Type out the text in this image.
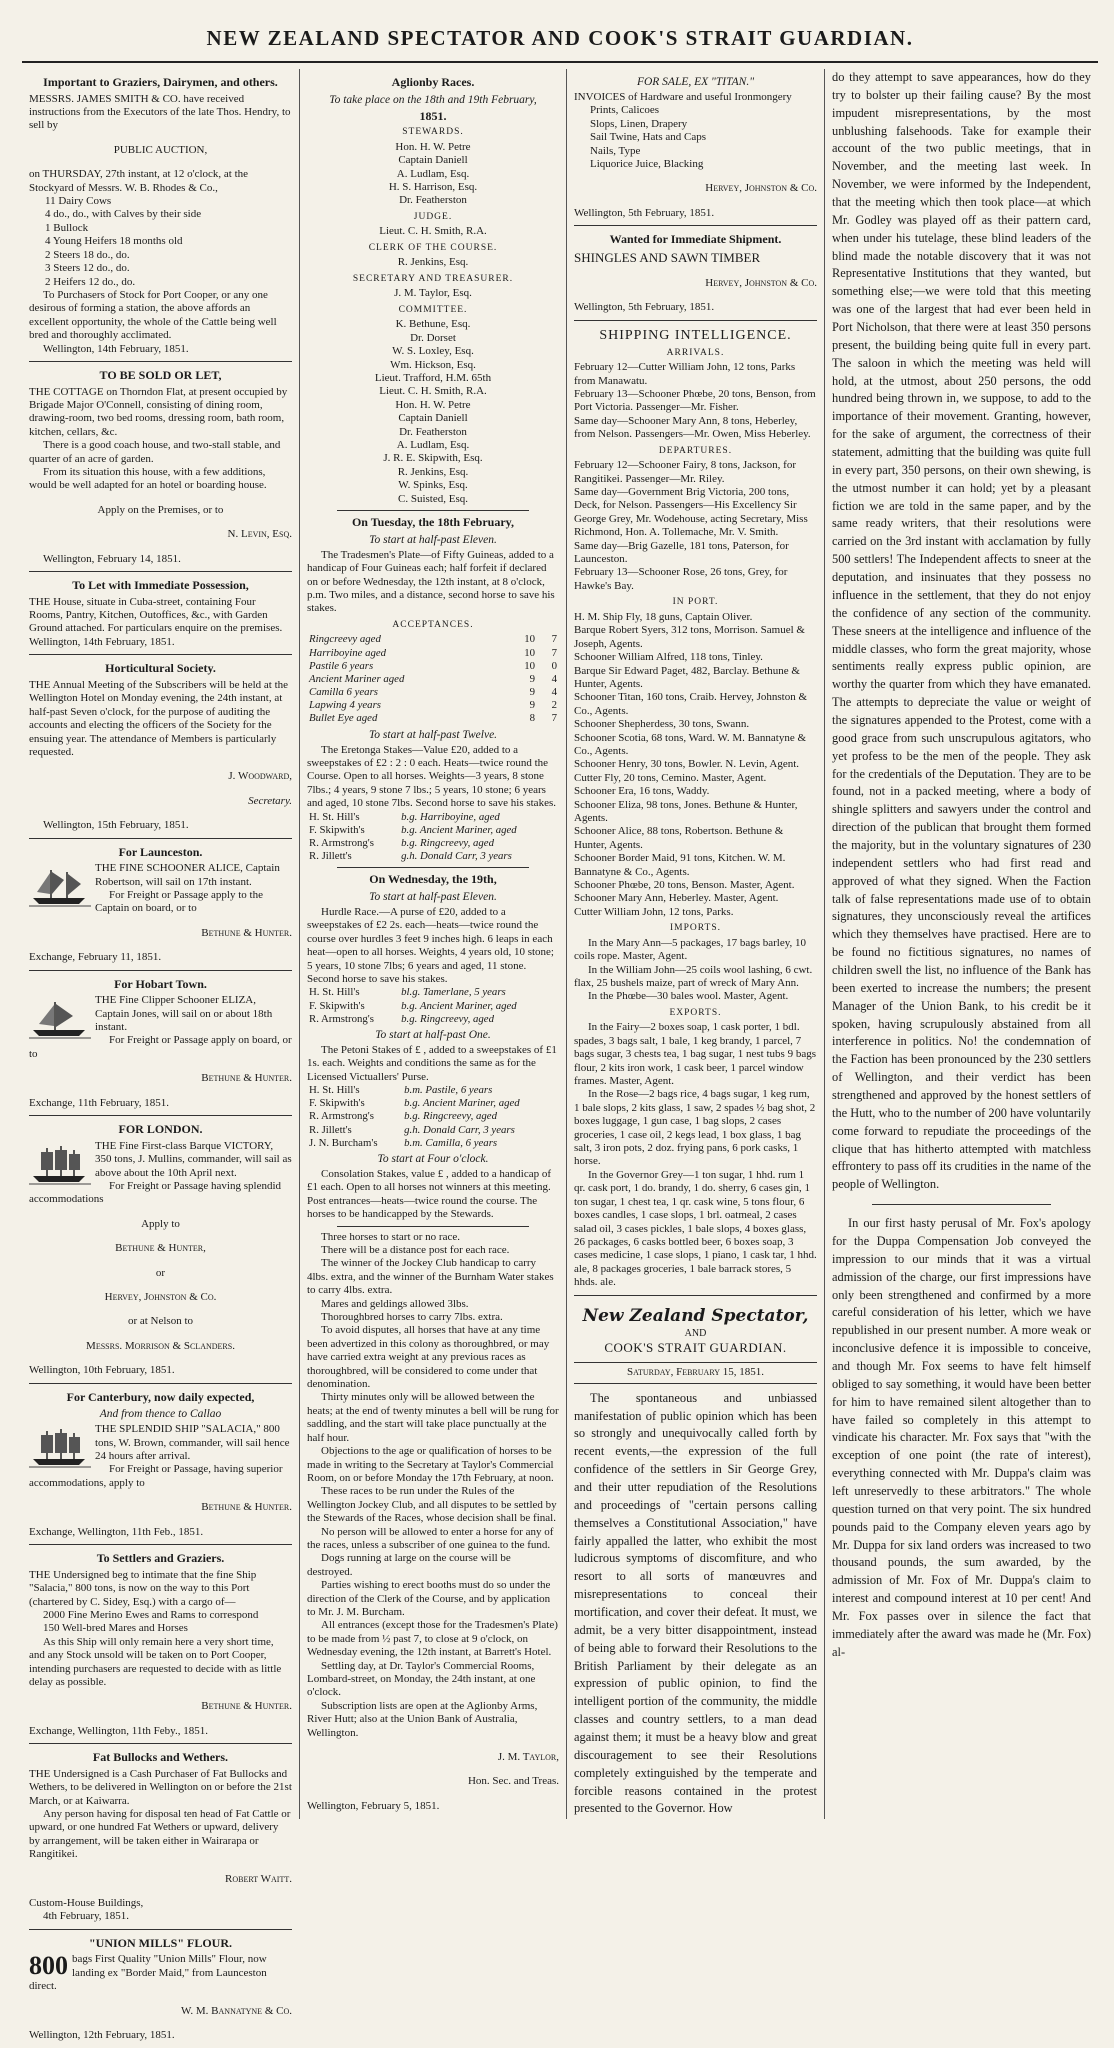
NEW ZEALAND SPECTATOR AND COOK'S STRAIT GUARDIAN.
Important to Graziers, Dairymen, and others.

MESSRS. JAMES SMITH & CO. have received instructions from the Executors of the late Thos. Hendry, to sell by

PUBLIC AUCTION,

on THURSDAY, 27th instant, at 12 o'clock, at the Stockyard of Messrs. W. B. Rhodes & Co.,

11 Dairy Cows
4 do., do., with Calves by their side
1 Bullock
4 Young Heifers 18 months old
2 Steers 18 do., do.
3 Steers 12 do., do.
2 Heifers 12 do., do.

To Purchasers of Stock for Port Cooper, or any one desirous of forming a station, the above affords an excellent opportunity, the whole of the Cattle being well bred and thoroughly acclimated.

Wellington, 14th February, 1851.

TO BE SOLD OR LET,

THE COTTAGE on Thorndon Flat, at present occupied by Brigade Major O'Connell, consisting of dining room, drawing-room, two bed rooms, dressing room, bath room, kitchen, cellars, &c.

There is a good coach house, and two-stall stable, and quarter of an acre of garden.

From its situation this house, with a few additions, would be well adapted for an hotel or boarding house.

Apply on the Premises, or to

N. Levin, Esq.

Wellington, February 14, 1851.

To Let with Immediate Possession,

THE House, situate in Cuba-street, containing Four Rooms, Pantry, Kitchen, Outoffices, &c., with Garden Ground attached. For particulars enquire on the premises.

Wellington, 14th February, 1851.

Horticultural Society.

THE Annual Meeting of the Subscribers will be held at the Wellington Hotel on Monday evening, the 24th instant, at half-past Seven o'clock, for the purpose of auditing the accounts and electing the officers of the Society for the ensuing year. The attendance of Members is particularly requested.

J. Woodward,

Secretary.

Wellington, 15th February, 1851.

For Launceston.

THE FINE SCHOONER ALICE, Captain Robertson, will sail on 17th instant.

For Freight or Passage apply to the Captain on board, or to

Bethune & Hunter.

Exchange, February 11, 1851.

For Hobart Town.

THE Fine Clipper Schooner ELIZA, Captain Jones, will sail on or about 18th instant.

For Freight or Passage apply on board, or to

Bethune & Hunter.

Exchange, 11th February, 1851.

FOR LONDON.

THE Fine First-class Barque VICTORY, 350 tons, J. Mullins, commander, will sail as above about the 10th April next.

For Freight or Passage having splendid accommodations

Apply to

Bethune & Hunter,

or

Hervey, Johnston & Co.

or at Nelson to

Messrs. Morrison & Sclanders.

Wellington, 10th February, 1851.

For Canterbury, now daily expected,
And from thence to Callao

THE SPLENDID SHIP "SALACIA," 800 tons, W. Brown, commander, will sail hence 24 hours after arrival.

For Freight or Passage, having superior accommodations, apply to

Bethune & Hunter.

Exchange, Wellington, 11th Feb., 1851.

To Settlers and Graziers.

THE Undersigned beg to intimate that the fine Ship "Salacia," 800 tons, is now on the way to this Port (chartered by C. Sidey, Esq.) with a cargo of—

2000 Fine Merino Ewes and Rams to correspond

150 Well-bred Mares and Horses

As this Ship will only remain here a very short time, and any Stock unsold will be taken on to Port Cooper, intending purchasers are requested to decide with as little delay as possible.

Bethune & Hunter.

Exchange, Wellington, 11th Feby., 1851.

Fat Bullocks and Wethers.

THE Undersigned is a Cash Purchaser of Fat Bullocks and Wethers, to be delivered in Wellington on or before the 21st March, or at Kaiwarra.

Any person having for disposal ten head of Fat Cattle or upward, or one hundred Fat Wethers or upward, delivery by arrangement, will be taken either in Wairarapa or Rangitikei.

Robert Waitt.

Custom-House Buildings,

4th February, 1851.

"UNION MILLS" FLOUR.
800 bags First Quality "Union Mills" Flour, now landing ex "Border Maid," from Launceston direct.

W. M. Bannatyne & Co.

Wellington, 12th February, 1851.

Aglionby Races.
To take place on the 18th and 19th February,
1851.
STEWARDS.
Hon. H. W. Petre
Captain Daniell
A. Ludlam, Esq.
H. S. Harrison, Esq.
Dr. Featherston
JUDGE.
Lieut. C. H. Smith, R.A.
CLERK OF THE COURSE.
R. Jenkins, Esq.
SECRETARY AND TREASURER.
J. M. Taylor, Esq.
COMMITTEE.
K. Bethune, Esq.
Dr. Dorset
W. S. Loxley, Esq.
Wm. Hickson, Esq.
Lieut. Trafford, H.M. 65th
Lieut. C. H. Smith, R.A.
Hon. H. W. Petre
Captain Daniell
Dr. Featherston
A. Ludlam, Esq.
J. R. E. Skipwith, Esq.
R. Jenkins, Esq.
W. Spinks, Esq.
C. Suisted, Esq.
On Tuesday, the 18th February,
To start at half-past Eleven.

The Tradesmen's Plate—of Fifty Guineas, added to a handicap of Four Guineas each; half forfeit if declared on or before Wednesday, the 12th instant, at 8 o'clock, p.m. Two miles, and a distance, second horse to save his stakes.

ACCEPTANCES.
Ringcreevy aged	10	7
Harriboyine aged	10	7
Pastile 6 years	10	0
Ancient Mariner aged	9	4
Camilla 6 years	9	4
Lapwing 4 years	9	2
Bullet Eye aged	8	7
To start at half-past Twelve.

The Eretonga Stakes—Value £20, added to a sweepstakes of £2 : 2 : 0 each. Heats—twice round the Course. Open to all horses. Weights—3 years, 8 stone 7lbs.; 4 years, 9 stone 7 lbs.; 5 years, 10 stone; 6 years and aged, 10 stone 7lbs. Second horse to save his stakes.

H. St. Hill's	b.g. Harriboyine, aged
F. Skipwith's	b.g. Ancient Mariner, aged
R. Armstrong's	b.g. Ringcreevy, aged
R. Jillett's	g.h. Donald Carr, 3 years
On Wednesday, the 19th,
To start at half-past Eleven.

Hurdle Race.—A purse of £20, added to a sweepstakes of £2 2s. each—heats—twice round the course over hurdles 3 feet 9 inches high. 6 leaps in each heat—open to all horses. Weights, 4 years old, 10 stone; 5 years, 10 stone 7lbs; 6 years and aged, 11 stone. Second horse to save his stakes.

H. St. Hill's	bl.g. Tamerlane, 5 years
F. Skipwith's	b.g. Ancient Mariner, aged
R. Armstrong's	b.g. Ringcreevy, aged
To start at half-past One.

The Petoni Stakes of £ , added to a sweepstakes of £1 1s. each. Weights and conditions the same as for the Licensed Victuallers' Purse.

H. St. Hill's	b.m. Pastile, 6 years
F. Skipwith's	b.g. Ancient Mariner, aged
R. Armstrong's	b.g. Ringcreevy, aged
R. Jillett's	g.h. Donald Carr, 3 years
J. N. Burcham's	b.m. Camilla, 6 years
To start at Four o'clock.

Consolation Stakes, value £ , added to a handicap of £1 each. Open to all horses not winners at this meeting. Post entrances—heats—twice round the course. The horses to be handicapped by the Stewards.

Three horses to start or no race.

There will be a distance post for each race.

The winner of the Jockey Club handicap to carry 4lbs. extra, and the winner of the Burnham Water stakes to carry 4lbs. extra.

Mares and geldings allowed 3lbs.

Thoroughbred horses to carry 7lbs. extra.

To avoid disputes, all horses that have at any time been advertized in this colony as thoroughbred, or may have carried extra weight at any previous races as thoroughbred, will be considered to come under that denomination.

Thirty minutes only will be allowed between the heats; at the end of twenty minutes a bell will be rung for saddling, and the start will take place punctually at the half hour.

Objections to the age or qualification of horses to be made in writing to the Secretary at Taylor's Commercial Room, on or before Monday the 17th February, at noon.

These races to be run under the Rules of the Wellington Jockey Club, and all disputes to be settled by the Stewards of the Races, whose decision shall be final.

No person will be allowed to enter a horse for any of the races, unless a subscriber of one guinea to the fund.

Dogs running at large on the course will be destroyed.

Parties wishing to erect booths must do so under the direction of the Clerk of the Course, and by application to Mr. J. M. Burcham.

All entrances (except those for the Tradesmen's Plate) to be made from ½ past 7, to close at 9 o'clock, on Wednesday evening, the 12th instant, at Barrett's Hotel.

Settling day, at Dr. Taylor's Commercial Rooms, Lombard-street, on Monday, the 24th instant, at one o'clock.

Subscription lists are open at the Aglionby Arms, River Hutt; also at the Union Bank of Australia, Wellington.

J. M. Taylor,

Hon. Sec. and Treas.

Wellington, February 5, 1851.

FOR SALE, EX "TITAN."

INVOICES of Hardware and useful Ironmongery

Prints, Calicoes
Slops, Linen, Drapery
Sail Twine, Hats and Caps
Nails, Type
Liquorice Juice, Blacking

Hervey, Johnston & Co.

Wellington, 5th February, 1851.

Wanted for Immediate Shipment.

SHINGLES AND SAWN TIMBER

Hervey, Johnston & Co.

Wellington, 5th February, 1851.

SHIPPING INTELLIGENCE.
ARRIVALS.

February 12—Cutter William John, 12 tons, Parks from Manawatu.

February 13—Schooner Phœbe, 20 tons, Benson, from Port Victoria. Passenger—Mr. Fisher.

Same day—Schooner Mary Ann, 8 tons, Heberley, from Nelson. Passengers—Mr. Owen, Miss Heberley.

DEPARTURES.

February 12—Schooner Fairy, 8 tons, Jackson, for Rangitikei. Passenger—Mr. Riley.

Same day—Government Brig Victoria, 200 tons, Deck, for Nelson. Passengers—His Excellency Sir George Grey, Mr. Wodehouse, acting Secretary, Miss Richmond, Hon. A. Tollemache, Mr. V. Smith.

Same day—Brig Gazelle, 181 tons, Paterson, for Launceston.

February 13—Schooner Rose, 26 tons, Grey, for Hawke's Bay.

IN PORT.

H. M. Ship Fly, 18 guns, Captain Oliver.

Barque Robert Syers, 312 tons, Morrison. Samuel & Joseph, Agents.

Schooner William Alfred, 118 tons, Tinley.

Barque Sir Edward Paget, 482, Barclay. Bethune & Hunter, Agents.

Schooner Titan, 160 tons, Craib. Hervey, Johnston & Co., Agents.

Schooner Shepherdess, 30 tons, Swann.

Schooner Scotia, 68 tons, Ward. W. M. Bannatyne & Co., Agents.

Schooner Henry, 30 tons, Bowler. N. Levin, Agent.

Cutter Fly, 20 tons, Cemino. Master, Agent.

Schooner Era, 16 tons, Waddy.

Schooner Eliza, 98 tons, Jones. Bethune & Hunter, Agents.

Schooner Alice, 88 tons, Robertson. Bethune & Hunter, Agents.

Schooner Border Maid, 91 tons, Kitchen. W. M. Bannatyne & Co., Agents.

Schooner Phœbe, 20 tons, Benson. Master, Agent.

Schooner Mary Ann, Heberley. Master, Agent.

Cutter William John, 12 tons, Parks.

IMPORTS.

In the Mary Ann—5 packages, 17 bags barley, 10 coils rope. Master, Agent.

In the William John—25 coils wool lashing, 6 cwt. flax, 25 bushels maize, part of wreck of Mary Ann.

In the Phœbe—30 bales wool. Master, Agent.

EXPORTS.

In the Fairy—2 boxes soap, 1 cask porter, 1 bdl. spades, 3 bags salt, 1 bale, 1 keg brandy, 1 parcel, 7 bags sugar, 3 chests tea, 1 bag sugar, 1 nest tubs 9 bags flour, 2 kits iron work, 1 cask beer, 1 parcel window frames. Master, Agent.

In the Rose—2 bags rice, 4 bags sugar, 1 keg rum, 1 bale slops, 2 kits glass, 1 saw, 2 spades ½ bag shot, 2 boxes luggage, 1 gun case, 1 bag slops, 2 cases groceries, 1 case oil, 2 kegs lead, 1 box glass, 1 bag salt, 3 iron pots, 2 doz. frying pans, 6 pork casks, 1 horse.

In the Governor Grey—1 ton sugar, 1 hhd. rum 1 qr. cask port, 1 do. brandy, 1 do. sherry, 6 cases gin, 1 ton sugar, 1 chest tea, 1 qr. cask wine, 5 tons flour, 6 boxes candles, 1 case slops, 1 brl. oatmeal, 2 cases salad oil, 3 cases pickles, 1 bale slops, 4 boxes glass, 26 packages, 6 casks bottled beer, 6 boxes soap, 3 cases medicine, 1 case slops, 1 piano, 1 cask tar, 1 hhd. ale, 8 packages groceries, 1 bale barrack stores, 5 hhds. ale.

New Zealand Spectator,
AND
COOK'S STRAIT GUARDIAN.
Saturday, February 15, 1851.

The spontaneous and unbiassed manifestation of public opinion which has been so strongly and unequivocally called forth by recent events,—the expression of the full confidence of the settlers in Sir George Grey, and their utter repudiation of the Resolutions and proceedings of "certain persons calling themselves a Constitutional Association," have fairly appalled the latter, who exhibit the most ludicrous symptoms of discomfiture, and who resort to all sorts of manœuvres and misrepresentations to conceal their mortification, and cover their defeat. It must, we admit, be a very bitter disappointment, instead of being able to forward their Resolutions to the British Parliament by their delegate as an expression of public opinion, to find the intelligent portion of the community, the middle classes and country settlers, to a man dead against them; it must be a heavy blow and great discouragement to see their Resolutions completely extinguished by the temperate and forcible reasons contained in the protest presented to the Governor. How

do they attempt to save appearances, how do they try to bolster up their failing cause? By the most impudent misrepresentations, by the most unblushing falsehoods. Take for example their account of the two public meetings, that in November, and the meeting last week. In November, we were informed by the Independent, that the meeting which then took place—at which Mr. Godley was played off as their pattern card, when under his tutelage, these blind leaders of the blind made the notable discovery that it was not Representative Institutions that they wanted, but something else;—we were told that this meeting was one of the largest that had ever been held in Port Nicholson, that there were at least 350 persons present, the building being quite full in every part. The saloon in which the meeting was held will hold, at the utmost, about 250 persons, the odd hundred being thrown in, we suppose, to add to the importance of their movement. Granting, however, for the sake of argument, the correctness of their statement, admitting that the building was quite full in every part, 350 persons, on their own shewing, is the utmost number it can hold; yet by a pleasant fiction we are told in the same paper, and by the same ready writers, that their resolutions were carried on the 3rd instant with acclamation by fully 500 settlers! The Independent affects to sneer at the deputation, and insinuates that they possess no influence in the settlement, that they do not enjoy the confidence of any section of the community. These sneers at the intelligence and influence of the middle classes, who form the great majority, whose sentiments really express public opinion, are worthy the quarter from which they have emanated. The attempts to depreciate the value or weight of the signatures appended to the Protest, come with a good grace from such unscrupulous agitators, who yet profess to be the men of the people. They ask for the credentials of the Deputation. They are to be found, not in a packed meeting, where a body of shingle splitters and sawyers under the control and direction of the publican that brought them formed the majority, but in the voluntary signatures of 230 independent settlers who had first read and approved of what they signed. When the Faction talk of false representations made use of to obtain signatures, they unconsciously reveal the artifices which they themselves have practised. Here are to be found no fictitious signatures, no names of children swell the list, no influence of the Bank has been exerted to increase the numbers; the present Manager of the Union Bank, to his credit be it spoken, having scrupulously abstained from all interference in politics. No! the condemnation of the Faction has been pronounced by the 230 settlers of Wellington, and their verdict has been strengthened and approved by the honest settlers of the Hutt, who to the number of 200 have voluntarily come forward to repudiate the proceedings of the clique that has hitherto attempted with matchless effrontery to pass off its crudities in the name of the people of Wellington.

In our first hasty perusal of Mr. Fox's apology for the Duppa Compensation Job conveyed the impression to our minds that it was a virtual admission of the charge, our first impressions have only been strengthened and confirmed by a more careful consideration of his letter, which we have republished in our present number. A more weak or inconclusive defence it is impossible to conceive, and though Mr. Fox seems to have felt himself obliged to say something, it would have been better for him to have remained silent altogether than to have failed so completely in this attempt to vindicate his character. Mr. Fox says that "with the exception of one point (the rate of interest), everything connected with Mr. Duppa's claim was left unreservedly to these arbitrators." The whole question turned on that very point. The six hundred pounds paid to the Company eleven years ago by Mr. Duppa for six land orders was increased to two thousand pounds, the sum awarded, by the admission of Mr. Fox of Mr. Duppa's claim to interest and compound interest at 10 per cent! And Mr. Fox passes over in silence the fact that immediately after the award was made he (Mr. Fox) al-
